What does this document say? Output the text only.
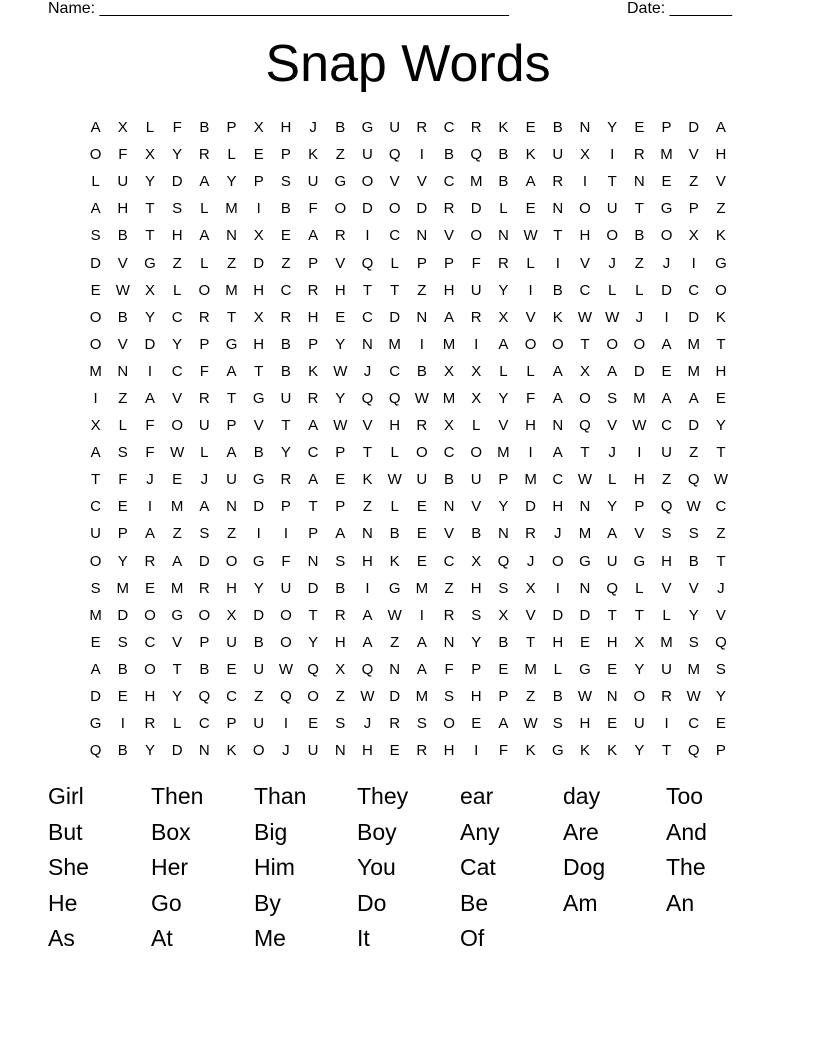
Name: ______________________________________________	Date: _______
Snap Words
A	X	L	F	B	P	X	H	J	B	G	U	R	C	R	K	E	B	N	Y	E	P	D	A
O	F	X	Y	R	L	E	P	K	Z	U	Q	I	B	Q	B	K	U	X	I	R	M	V	H
L	U	Y	D	A	Y	P	S	U	G	O	V	V	C	M	B	A	R	I	T	N	E	Z	V
A	H	T	S	L	M	I	B	F	O	D	O	D	R	D	L	E	N	O	U	T	G	P	Z
S	B	T	H	A	N	X	E	A	R	I	C	N	V	O	N W	T	H	O	B	O	X	K
D	V	G	Z	L	Z	D	Z	P	V	Q	L	P	P	F	R	L	I	V	J	Z	J	I	G
E	W	X	L	O	M	H	C	R	H	T	T	Z	H	U	Y	I	B	C	L	L	D	C	O
O	B	Y	C	R	T	X	R	H	E	C	D	N	A	R	X	V	K	W W	J	I	D	K
O	V	D	Y	P	G	H	B	P	Y	N	M	I	M	I	A	O	O	T	O	O	A	M	T
M	N	I	C	F	A	T	B	K	W	J	C	B	X	X	L	L	A	X	A	D	E	M	H
I	Z	A	V	R	T	G	U	R	Y	Q	Q W M	X	Y	F	A	O	S	M	A	A	E
X	L	F	O	U	P	V	T	A	W	V	H	R	X	L	V	H	N	Q	V	W C	D	Y
A	S	F	W	L	A	B	Y	C	P	T	L	O	C	O	M	I	A	T	J	I	U	Z	T
T	F	J	E	J	U	G	R	A	E	K	W U	B	U	P	M	C W	L	H	Z	Q W
C	E	I	M	A	N	D	P	T	P	Z	L	E	N	V	Y	D	H	N	Y	P	Q W C
U	P	A	Z	S	Z	I	I	P	A	N	B	E	V	B	N	R	J	M	A	V	S	S	Z
O	Y	R	A	D	O	G	F	N	S	H	K	E	C	X	Q	J	O	G	U	G	H	B	T
S	M	E	M	R	H	Y	U	D	B	I	G	M	Z	H	S	X	I	N	Q	L	V	V	J
M	D	O	G	O	X	D	O	T	R	A	W	I	R	S	X	V	D	D	T	T	L	Y	V
E	S	C	V	P	U	B	O	Y	H	A	Z	A	N	Y	B	T	H	E	H	X	M	S	Q
A	B	O	T	B	E	U W Q	X	Q	N	A	F	P	E	M	L	G	E	Y	U	M	S
D	E	H	Y	Q	C	Z	Q	O	Z	W D	M	S	H	P	Z	B	W N	O	R W	Y
G	I	R	L	C	P	U	I	E	S	J	R	S	O	E	A	W	S	H	E	U	I	C	E
Q	B	Y	D	N	K	O	J	U	N	H	E	R	H	I	F	K	G	K	K	Y	T	Q	P
Girl	Then	Than	They	ear	day	Too
But	Box	Big	Boy	Any	Are	And
She	Her	Him	You	Cat	Dog	The
He	Go	By	Do	Be	Am	An
As	At	Me	It	Of
